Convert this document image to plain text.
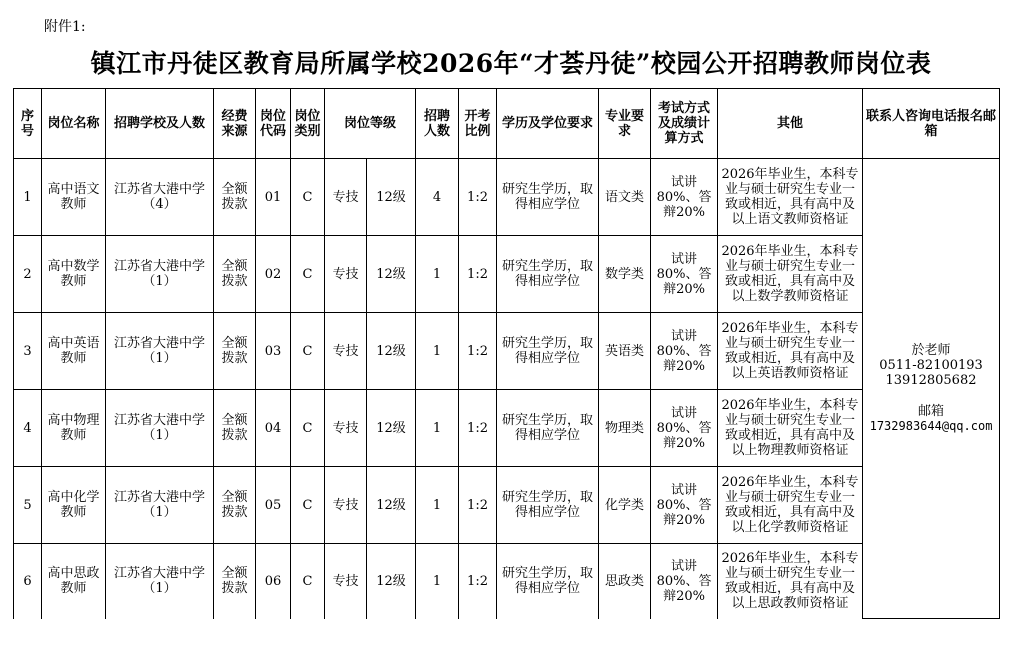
附件1:
镇江市丹徒区教育局所属学校2026年“才荟丹徒”校园公开招聘教师岗位表
序号	岗位名称	招聘学校及人数	经费来源	岗位代码	岗位类别	岗位等级		招聘人数	开考比例	学历及学位要求	专业要求	考试方式及成绩计算方式	其他	联系人咨询电话报名邮箱
1	高中语文教师	江苏省大港中学（4）	全额拨款	01	C	专技	12级	4	1:2	研究生学历，取得相应学位	语文类	试讲80%、答辩20%	2026年毕业生，本科专业与硕士研究生专业一致或相近，具有高中及以上语文教师资格证	於老师
0511-82100193
13912805682
邮箱
1732983644@qq.com

2	高中数学教师	江苏省大港中学（1）	全额拨款	02	C	专技	12级	1	1:2	研究生学历，取得相应学位	数学类	试讲80%、答辩20%	2026年毕业生，本科专业与硕士研究生专业一致或相近，具有高中及以上数学教师资格证	
3	高中英语教师	江苏省大港中学（1）	全额拨款	03	C	专技	12级	1	1:2	研究生学历，取得相应学位	英语类	试讲80%、答辩20%	2026年毕业生，本科专业与硕士研究生专业一致或相近，具有高中及以上英语教师资格证	
4	高中物理教师	江苏省大港中学（1）	全额拨款	04	C	专技	12级	1	1:2	研究生学历，取得相应学位	物理类	试讲80%、答辩20%	2026年毕业生，本科专业与硕士研究生专业一致或相近，具有高中及以上物理教师资格证	
5	高中化学教师	江苏省大港中学（1）	全额拨款	05	C	专技	12级	1	1:2	研究生学历，取得相应学位	化学类	试讲80%、答辩20%	2026年毕业生，本科专业与硕士研究生专业一致或相近，具有高中及以上化学教师资格证	
6	高中思政教师	江苏省大港中学（1）	全额拨款	06	C	专技	12级	1	1:2	研究生学历，取得相应学位	思政类	试讲80%、答辩20%	2026年毕业生，本科专业与硕士研究生专业一致或相近，具有高中及以上思政教师资格证	
